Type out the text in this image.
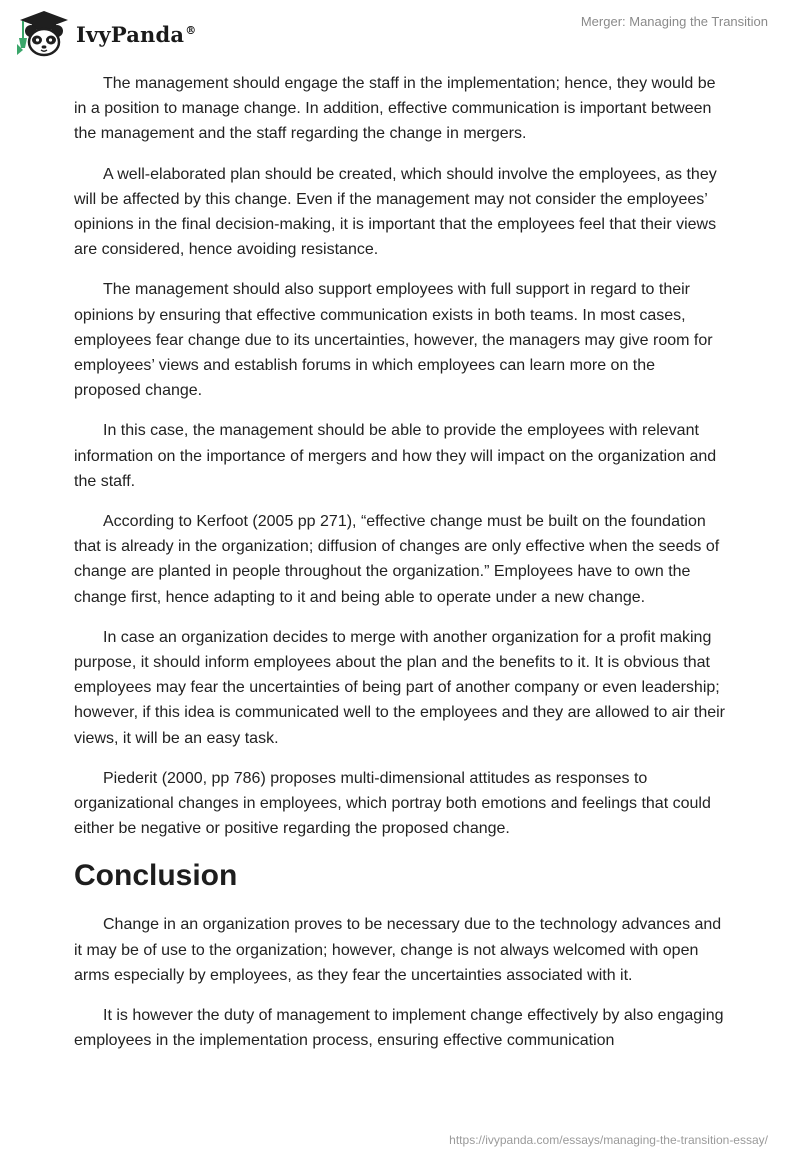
IvyPanda®
Merger: Managing the Transition

The management should engage the staff in the implementation; hence, they would be in a position to manage change. In addition, effective communication is important between the management and the staff regarding the change in mergers.

A well-elaborated plan should be created, which should involve the employees, as they will be affected by this change. Even if the management may not consider the employees’ opinions in the final decision-making, it is important that the employees feel that their views are considered, hence avoiding resistance.

The management should also support employees with full support in regard to their opinions by ensuring that effective communication exists in both teams. In most cases, employees fear change due to its uncertainties, however, the managers may give room for employees’ views and establish forums in which employees can learn more on the proposed change.

In this case, the management should be able to provide the employees with relevant information on the importance of mergers and how they will impact on the organization and the staff.

According to Kerfoot (2005 pp 271), “effective change must be built on the foundation that is already in the organization; diffusion of changes are only effective when the seeds of change are planted in people throughout the organization.” Employees have to own the change first, hence adapting to it and being able to operate under a new change.

In case an organization decides to merge with another organization for a profit making purpose, it should inform employees about the plan and the benefits to it. It is obvious that employees may fear the uncertainties of being part of another company or even leadership; however, if this idea is communicated well to the employees and they are allowed to air their views, it will be an easy task.

Piederit (2000, pp 786) proposes multi-dimensional attitudes as responses to organizational changes in employees, which portray both emotions and feelings that could either be negative or positive regarding the proposed change.

Conclusion

Change in an organization proves to be necessary due to the technology advances and it may be of use to the organization; however, change is not always welcomed with open arms especially by employees, as they fear the uncertainties associated with it.

It is however the duty of management to implement change effectively by also engaging employees in the implementation process, ensuring effective communication

https://ivypanda.com/essays/managing-the-transition-essay/
